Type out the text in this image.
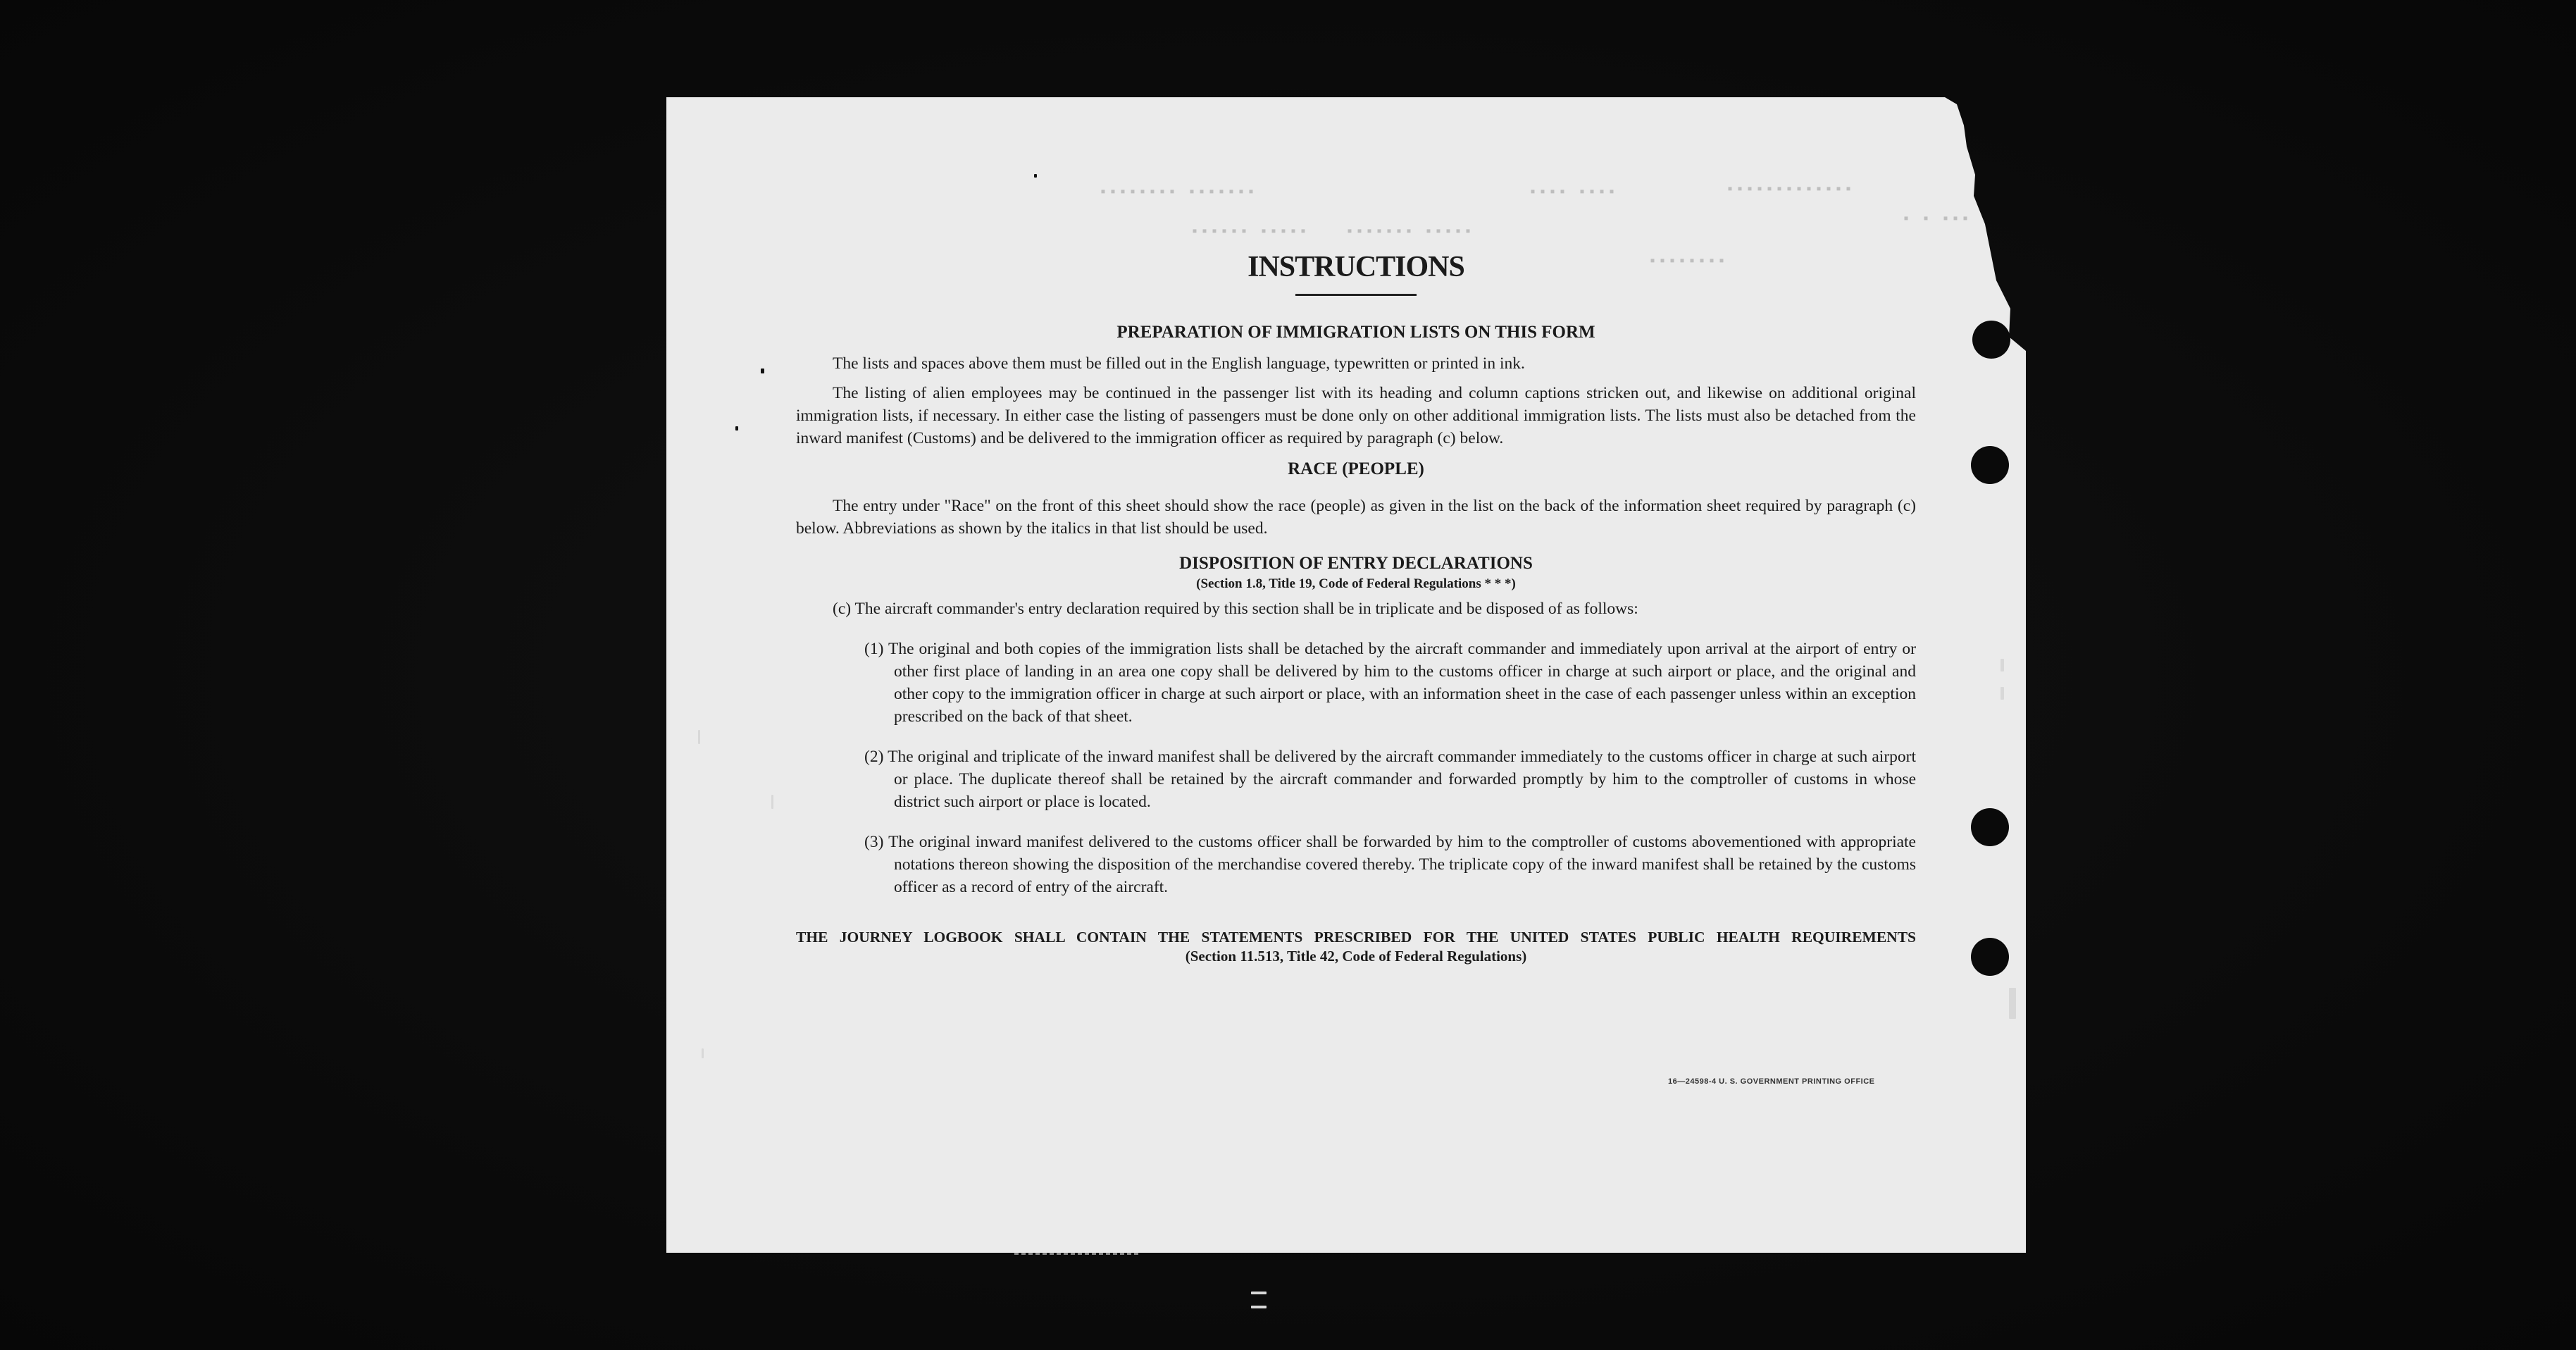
▪▪▪▪▪▪▪▪ ▪▪▪▪▪▪▪	▪▪▪▪ ▪▪▪▪	▪▪▪▪▪▪▪▪▪▪▪▪▪
▪▪▪▪▪▪ ▪▪▪▪▪	▪▪▪▪▪▪▪ ▪▪▪▪▪
▪▪▪▪▪▪▪▪
▪ ▪ ▪▪▪
INSTRUCTIONS
PREPARATION OF IMMIGRATION LISTS ON THIS FORM

The lists and spaces above them must be filled out in the English language, typewritten or printed in ink.

The listing of alien employees may be continued in the passenger list with its heading and column captions stricken out, and likewise on additional original immigration lists, if necessary. In either case the listing of passengers must be done only on other additional immigration lists. The lists must also be detached from the inward manifest (Customs) and be delivered to the immigration officer as required by paragraph (c) below.

RACE (PEOPLE)

The entry under "Race" on the front of this sheet should show the race (people) as given in the list on the back of the information sheet required by paragraph (c) below. Abbreviations as shown by the italics in that list should be used.

DISPOSITION OF ENTRY DECLARATIONS
(Section 1.8, Title 19, Code of Federal Regulations * * *)

(c) The aircraft commander's entry declaration required by this section shall be in triplicate and be disposed of as follows:

(1) The original and both copies of the immigration lists shall be detached by the aircraft commander and immediately upon arrival at the airport of entry or other first place of landing in an area one copy shall be delivered by him to the customs officer in charge at such airport or place, and the original and other copy to the immigration officer in charge at such airport or place, with an information sheet in the case of each passenger unless within an exception prescribed on the back of that sheet.

(2) The original and triplicate of the inward manifest shall be delivered by the aircraft commander immediately to the customs officer in charge at such airport or place. The duplicate thereof shall be retained by the aircraft commander and forwarded promptly by him to the comptroller of customs in whose district such airport or place is located.

(3) The original inward manifest delivered to the customs officer shall be forwarded by him to the comptroller of customs abovementioned with appropriate notations thereon showing the disposition of the merchandise covered thereby. The triplicate copy of the inward manifest shall be retained by the customs officer as a record of entry of the aircraft.

THE JOURNEY LOGBOOK SHALL CONTAIN THE STATEMENTS PRESCRIBED FOR THE UNITED STATES PUBLIC HEALTH REQUIREMENTS

(Section 11.513, Title 42, Code of Federal Regulations)
16—24598-4 U. S. GOVERNMENT PRINTING OFFICE
